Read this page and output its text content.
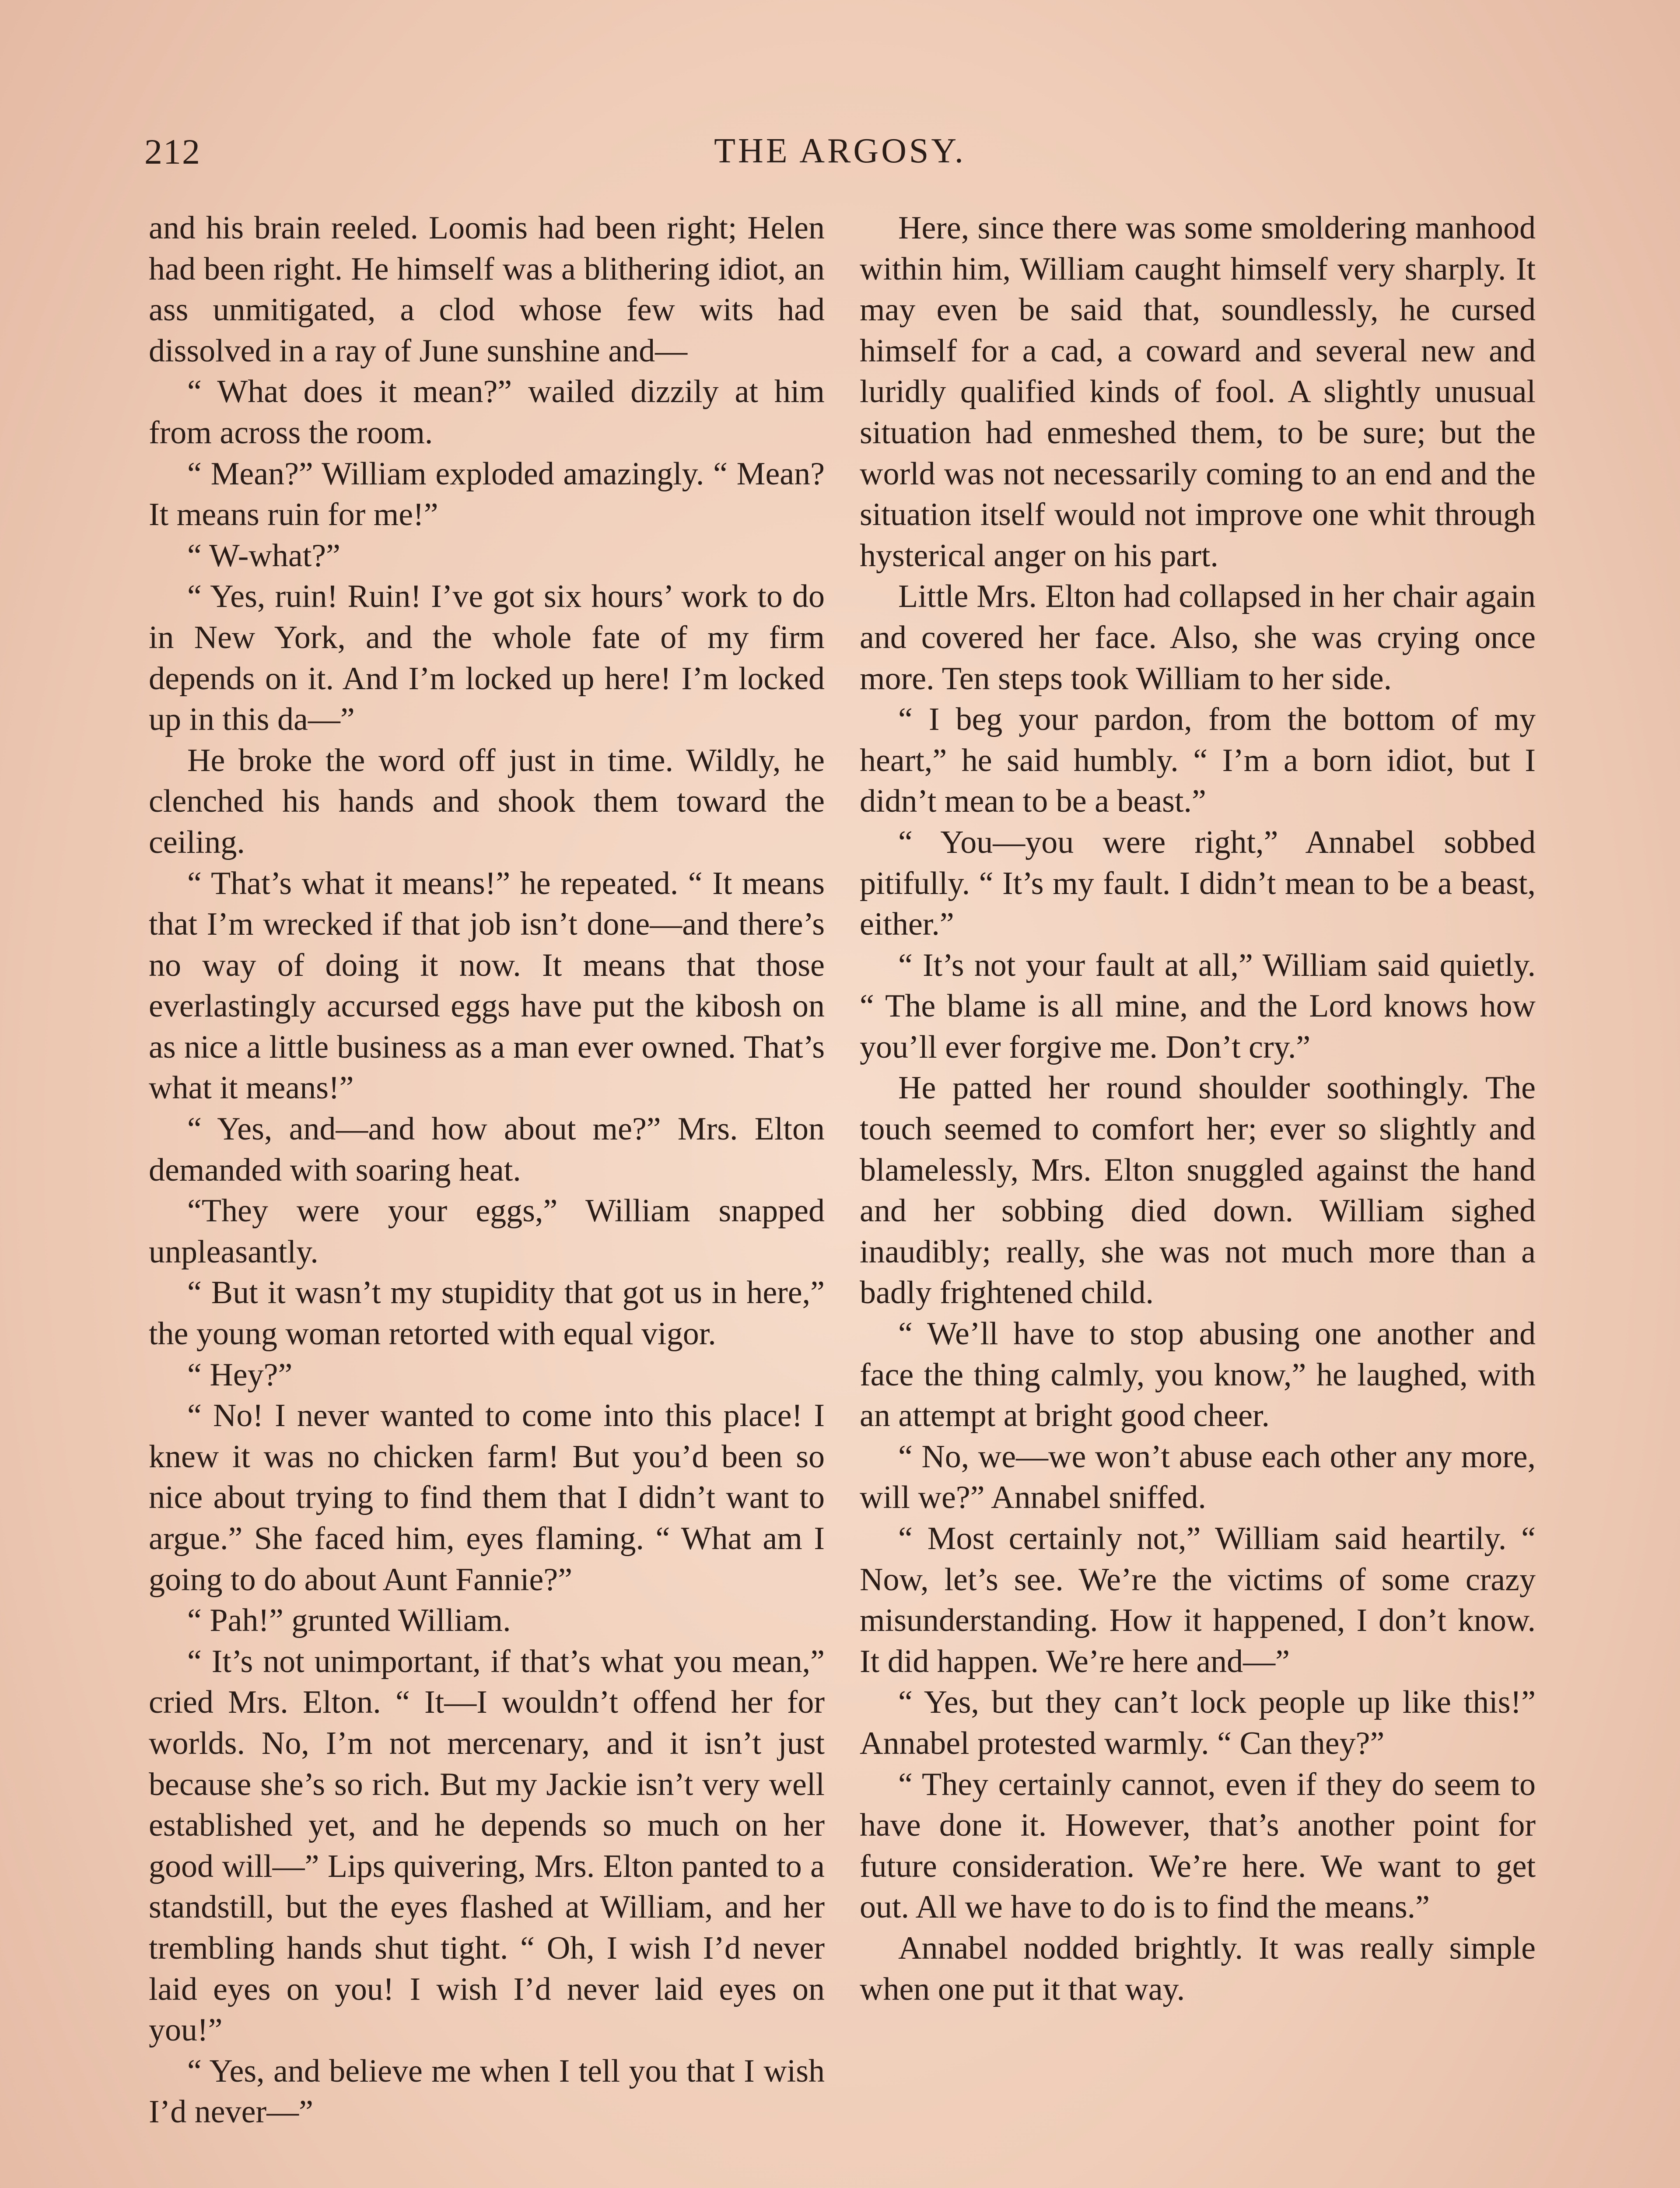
212	THE ARGOSY.

and his brain reeled. Loomis had been right; Helen had been right. He himself was a blithering idiot, an ass unmitigated, a clod whose few wits had dissolved in a ray of June sunshine and—

“ What does it mean?” wailed dizzily at him from across the room.

“ Mean?” William exploded amazingly. “ Mean? It means ruin for me!”

“ W-what?”

“ Yes, ruin! Ruin! I’ve got six hours’ work to do in New York, and the whole fate of my firm depends on it. And I’m locked up here! I’m locked up in this da—”

He broke the word off just in time. Wildly, he clenched his hands and shook them toward the ceiling.

“ That’s what it means!” he repeated. “ It means that I’m wrecked if that job isn’t done—and there’s no way of doing it now. It means that those everlastingly accursed eggs have put the kibosh on as nice a little business as a man ever owned. That’s what it means!”

“ Yes, and—and how about me?” Mrs. Elton demanded with soaring heat.

“They were your eggs,” William snapped unpleasantly.

“ But it wasn’t my stupidity that got us in here,” the young woman retorted with equal vigor.

“ Hey?”

“ No! I never wanted to come into this place! I knew it was no chicken farm! But you’d been so nice about trying to find them that I didn’t want to argue.” She faced him, eyes flaming. “ What am I going to do about Aunt Fannie?”

“ Pah!” grunted William.

“ It’s not unimportant, if that’s what you mean,” cried Mrs. Elton. “ It—I wouldn’t offend her for worlds. No, I’m not mercenary, and it isn’t just because she’s so rich. But my Jackie isn’t very well established yet, and he depends so much on her good will—” Lips quivering, Mrs. Elton panted to a standstill, but the eyes flashed at William, and her trembling hands shut tight. “ Oh, I wish I’d never laid eyes on you! I wish I’d never laid eyes on you!”

“ Yes, and believe me when I tell you that I wish I’d never—”

Here, since there was some smoldering manhood within him, William caught himself very sharply. It may even be said that, soundlessly, he cursed himself for a cad, a coward and several new and luridly qualified kinds of fool. A slightly unusual situation had enmeshed them, to be sure; but the world was not necessarily coming to an end and the situation itself would not improve one whit through hysterical anger on his part.

Little Mrs. Elton had collapsed in her chair again and covered her face. Also, she was crying once more. Ten steps took William to her side.

“ I beg your pardon, from the bottom of my heart,” he said humbly. “ I’m a born idiot, but I didn’t mean to be a beast.”

“ You—you were right,” Annabel sobbed pitifully. “ It’s my fault. I didn’t mean to be a beast, either.”

“ It’s not your fault at all,” William said quietly. “ The blame is all mine, and the Lord knows how you’ll ever forgive me. Don’t cry.”

He patted her round shoulder soothingly. The touch seemed to comfort her; ever so slightly and blamelessly, Mrs. Elton snuggled against the hand and her sobbing died down. William sighed inaudibly; really, she was not much more than a badly frightened child.

“ We’ll have to stop abusing one another and face the thing calmly, you know,” he laughed, with an attempt at bright good cheer.

“ No, we—we won’t abuse each other any more, will we?” Annabel sniffed.

“ Most certainly not,” William said heartily. “ Now, let’s see. We’re the victims of some crazy misunderstanding. How it happened, I don’t know. It did happen. We’re here and—”

“ Yes, but they can’t lock people up like this!” Annabel protested warmly. “ Can they?”

“ They certainly cannot, even if they do seem to have done it. However, that’s another point for future consideration. We’re here. We want to get out. All we have to do is to find the means.”

Annabel nodded brightly. It was really simple when one put it that way.
